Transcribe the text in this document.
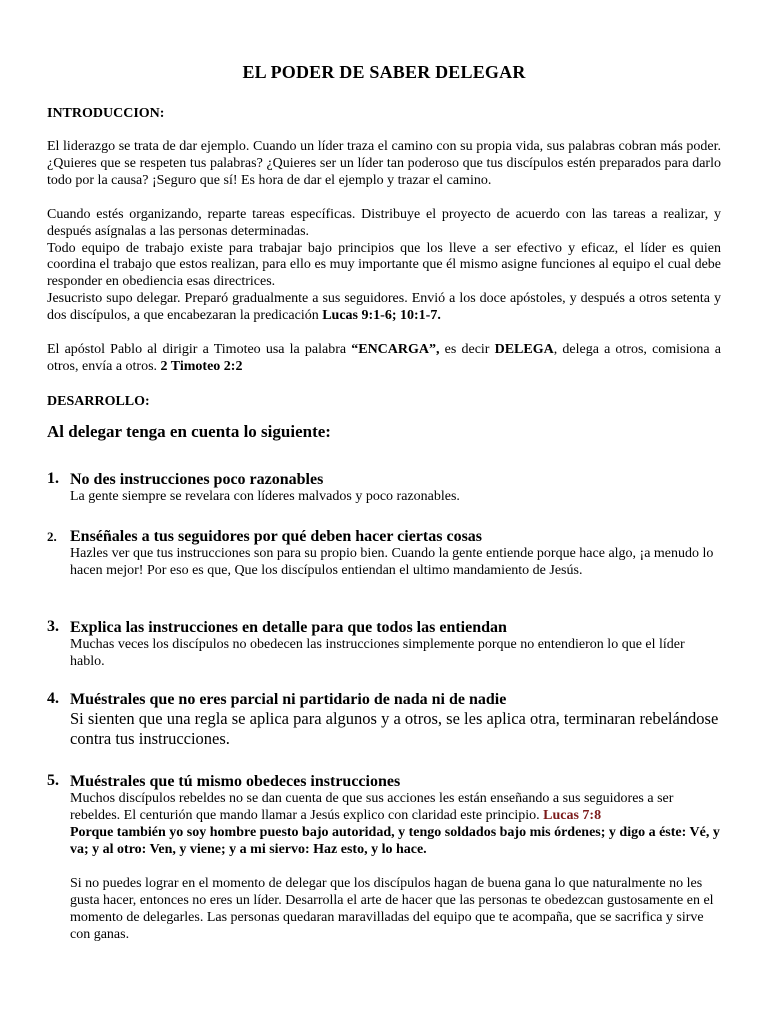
EL PODER DE SABER DELEGAR
INTRODUCCION:
El liderazgo se trata de dar ejemplo. Cuando un líder traza el camino con su propia vida, sus palabras cobran más poder. ¿Quieres que se respeten tus palabras? ¿Quieres ser un líder tan poderoso que tus discípulos estén preparados para darlo todo por la causa? ¡Seguro que sí! Es hora de dar el ejemplo y trazar el camino.
Cuando estés organizando, reparte tareas específicas. Distribuye el proyecto de acuerdo con las tareas a realizar, y después asígnalas a las personas determinadas.
Todo equipo de trabajo existe para trabajar bajo principios que los lleve a ser efectivo y eficaz, el líder es quien coordina el trabajo que estos realizan, para ello es muy importante que él mismo asigne funciones al equipo el cual debe responder en obediencia esas directrices.
Jesucristo supo delegar. Preparó gradualmente a sus seguidores. Envió a los doce apóstoles, y después a otros setenta y dos discípulos, a que encabezaran la predicación Lucas 9:1-6; 10:1-7.
El apóstol Pablo al dirigir a Timoteo usa la palabra “ENCARGA”, es decir DELEGA, delega a otros, comisiona a otros, envía a otros. 2 Timoteo 2:2
DESARROLLO:
Al delegar tenga en cuenta lo siguiente:
1. No des instrucciones poco razonables
La gente siempre se revelara con líderes malvados y poco razonables.
2. Enséñales a tus seguidores por qué deben hacer ciertas cosas
Hazles ver que tus instrucciones son para su propio bien. Cuando la gente entiende porque hace algo, ¡a menudo lo hacen mejor! Por eso es que, Que los discípulos entiendan el ultimo mandamiento de Jesús.
3. Explica las instrucciones en detalle para que todos las entiendan
Muchas veces los discípulos no obedecen las instrucciones simplemente porque no entendieron lo que el líder hablo.
4. Muéstrales que no eres parcial ni partidario de nada ni de nadie
Si sienten que una regla se aplica para algunos y a otros, se les aplica otra, terminaran rebelándose contra tus instrucciones.
5. Muéstrales que tú mismo obedeces instrucciones
Muchos discípulos rebeldes no se dan cuenta de que sus acciones les están enseñando a sus seguidores a ser rebeldes. El centurión que mando llamar a Jesús explico con claridad este principio. Lucas 7:8
Porque también yo soy hombre puesto bajo autoridad, y tengo soldados bajo mis órdenes; y digo a éste: Vé, y va; y al otro: Ven, y viene; y a mi siervo: Haz esto, y lo hace.
Si no puedes lograr en el momento de delegar que los discípulos hagan de buena gana lo que naturalmente no les gusta hacer, entonces no eres un líder. Desarrolla el arte de hacer que las personas te obedezcan gustosamente en el momento de delegarles. Las personas quedaran maravilladas del equipo que te acompaña, que se sacrifica y sirve con ganas.
